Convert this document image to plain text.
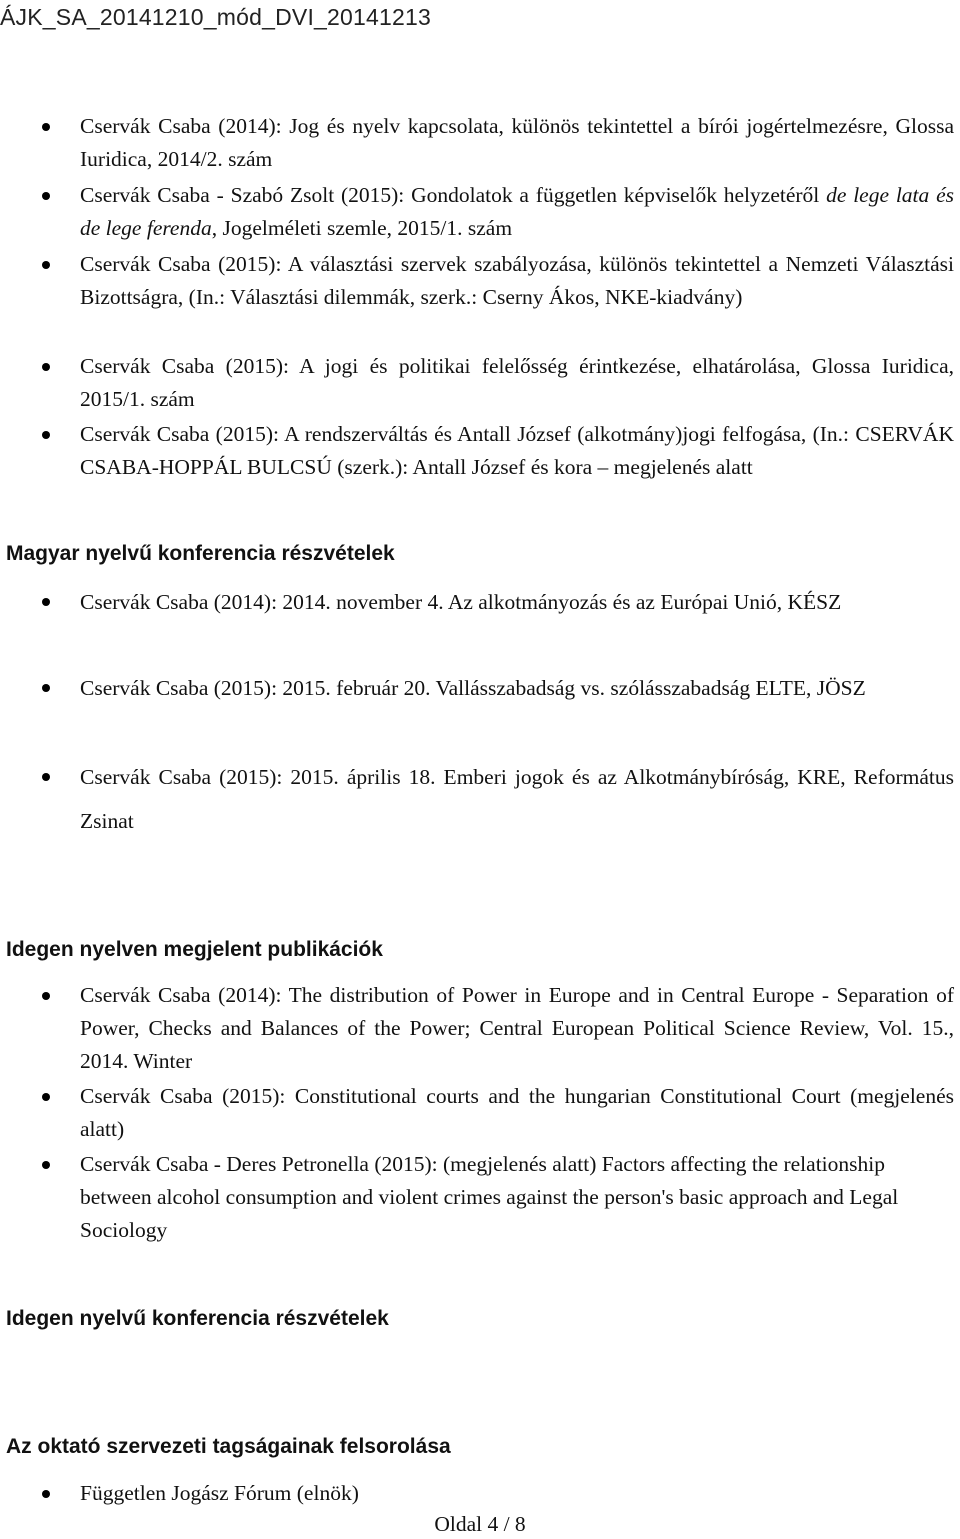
ÁJK_SA_20141210_mód_DVI_20141213
Cservák Csaba (2014): Jog és nyelv kapcsolata, különös tekintettel a bírói jogértelmezésre, Glossa Iuridica, 2014/2. szám
Cservák Csaba - Szabó Zsolt (2015): Gondolatok a független képviselők helyzetéről de lege lata és de lege ferenda, Jogelméleti szemle, 2015/1. szám
Cservák Csaba (2015): A választási szervek szabályozása, különös tekintettel a Nemzeti Választási Bizottságra, (In.: Választási dilemmák, szerk.: Cserny Ákos, NKE-kiadvány)
Cservák Csaba (2015): A jogi és politikai felelősség érintkezése, elhatárolása, Glossa Iuridica, 2015/1. szám
Cservák Csaba (2015): A rendszerváltás és Antall József (alkotmány)jogi felfogása, (In.: CSERVÁK CSABA-HOPPÁL BULCSÚ (szerk.): Antall József és kora – megjelenés alatt
Magyar nyelvű konferencia részvételek
Cservák Csaba (2014): 2014. november 4. Az alkotmányozás és az Európai Unió, KÉSZ
Cservák Csaba (2015): 2015. február 20. Vallásszabadság vs. szólásszabadság ELTE, JÖSZ
Cservák Csaba (2015): 2015. április 18. Emberi jogok és az Alkotmánybíróság, KRE, Református Zsinat
Idegen nyelven megjelent publikációk
Cservák Csaba (2014): The distribution of Power in Europe and in Central Europe - Separation of Power, Checks and Balances of the Power; Central European Political Science Review, Vol. 15., 2014. Winter
Cservák Csaba (2015): Constitutional courts and the hungarian Constitutional Court (megjelenés alatt)
Cservák Csaba - Deres Petronella (2015): (megjelenés alatt) Factors affecting the relationship between alcohol consumption and violent crimes against the person's basic approach and Legal Sociology
Idegen nyelvű konferencia részvételek
Az oktató szervezeti tagságainak felsorolása
Független Jogász Fórum (elnök)
Oldal 4 / 8
